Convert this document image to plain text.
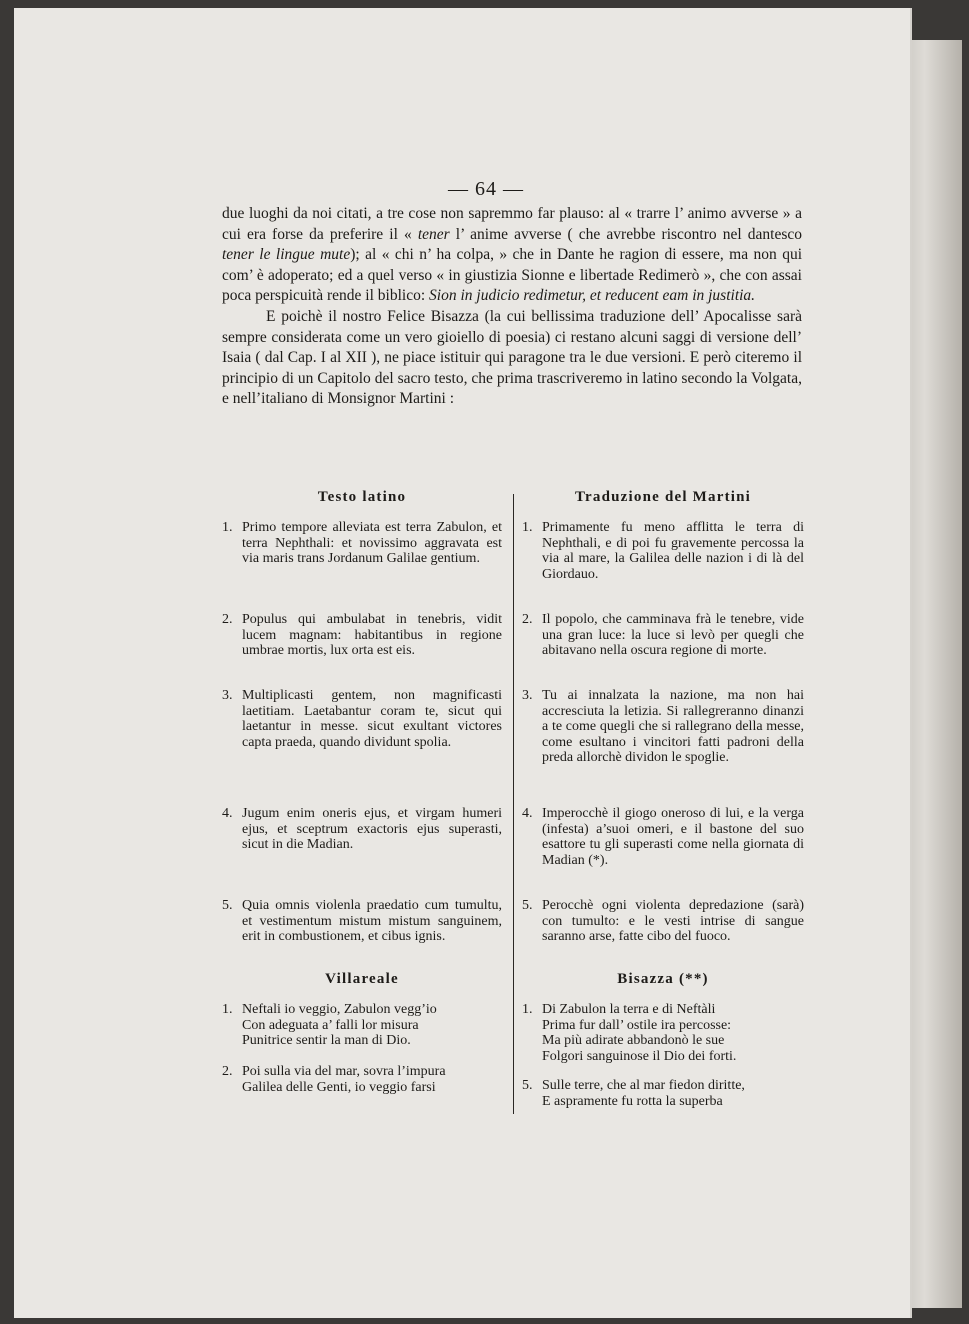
— 64 —

due luoghi da noi citati, a tre cose non sapremmo far plauso: al « trarre l’ animo avverse » a cui era forse da preferire il « tener l’ anime avverse ( che avrebbe riscontro nel dantesco tener le lingue mute); al « chi n’ ha colpa, » che in Dante he ragion di essere, ma non qui com’ è adoperato; ed a quel verso « in giustizia Sionne e libertade Redimerò », che con assai poca perspicuità rende il biblico: Sion in judicio redimetur, et reducent eam in justitia.

E poichè il nostro Felice Bisazza (la cui bellissima traduzione dell’ Apocalisse sarà sempre considerata come un vero gioiello di poesia) ci restano alcuni saggi di versione dell’ Isaia ( dal Cap. I al XII ), ne piace istituir qui paragone tra le due versioni. E però citeremo il principio di un Capitolo del sacro testo, che prima trascriveremo in latino secondo la Volgata, e nell’italiano di Monsignor Martini :

Testo latino
1. Primo tempore alleviata est terra Zabulon, et terra Nephthali: et novissimo aggravata est via maris trans Jordanum Galilae gentium.
2. Populus qui ambulabat in tenebris, vidit lucem magnam: habitantibus in regione umbrae mortis, lux orta est eis.
3. Multiplicasti gentem, non magnificasti laetitiam. Laetabantur coram te, sicut qui laetantur in messe. sicut exultant victores capta praeda, quando dividunt spolia.
4. Jugum enim oneris ejus, et virgam humeri ejus, et sceptrum exactoris ejus superasti, sicut in die Madian.
5. Quia omnis violenla praedatio cum tumultu, et vestimentum mistum mistum sanguinem, erit in combustionem, et cibus ignis.
Villareale
1. Neftali io veggio, Zabulon vegg’io
Con adeguata a’ falli lor misura
Punitrice sentir la man di Dio.
2. Poi sulla via del mar, sovra l’impura
Galilea delle Genti, io veggio farsi
Traduzione del Martini
1. Primamente fu meno afflitta le terra di Nephthali, e di poi fu gravemente percossa la via al mare, la Galilea delle nazion i di là del Giordauo.
2. Il popolo, che camminava frà le tenebre, vide una gran luce: la luce si levò per quegli che abitavano nella oscura regione di morte.
3. Tu ai innalzata la nazione, ma non hai accresciuta la letizia. Si rallegreranno dinanzi a te come quegli che si rallegrano della messe, come esultano i vincitori fatti padroni della preda allorchè dividon le spoglie.
4. Imperocchè il giogo oneroso di lui, e la verga (infesta) a’suoi omeri, e il bastone del suo esattore tu gli superasti come nella giornata di Madian (*).
5. Perocchè ogni violenta depredazione (sarà) con tumulto: e le vesti intrise di sangue saranno arse, fatte cibo del fuoco.
Bisazza (**)
1. Di Zabulon la terra e di Neftàli
Prima fur dall’ ostile ira percosse:
Ma più adirate abbandonò le sue
Folgori sanguinose il Dio dei forti.
5. Sulle terre, che al mar fiedon diritte,
E aspramente fu rotta la superba
